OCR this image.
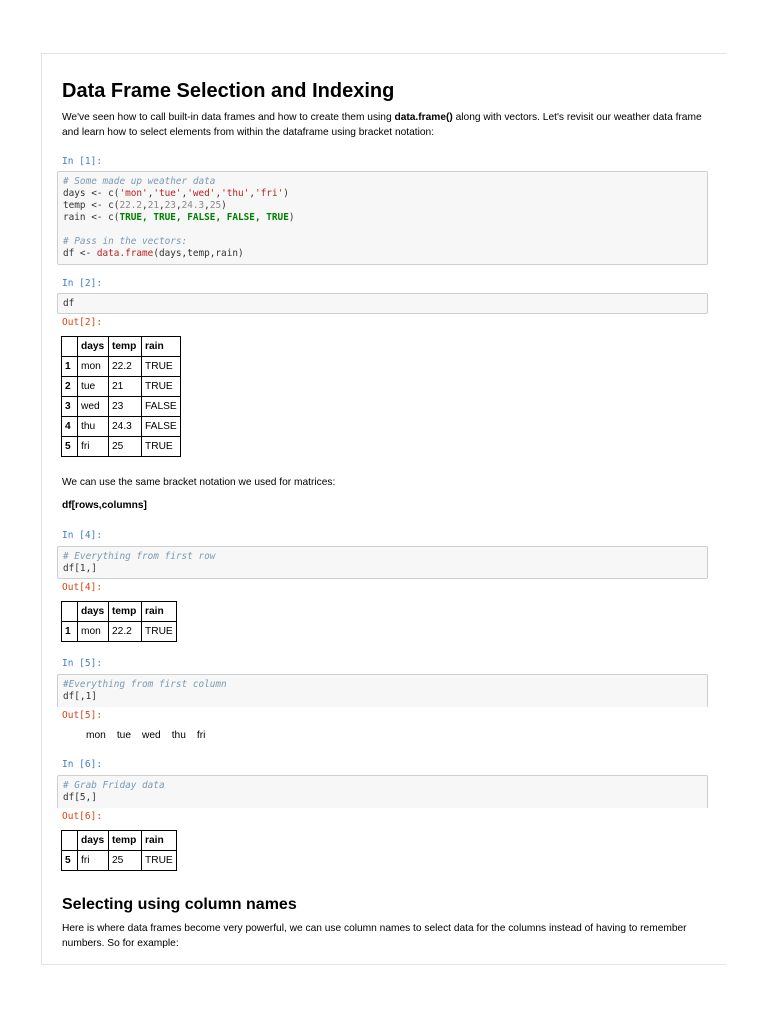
Data Frame Selection and Indexing
We've seen how to call built-in data frames and how to create them using data.frame() along with vectors. Let's revisit our weather data frame and learn how to select elements from within the dataframe using bracket notation:
In [1]:
# Some made up weather data
days <- c('mon','tue','wed','thu','fri')
temp <- c(22.2,21,23,24.3,25)
rain <- c(TRUE, TRUE, FALSE, FALSE, TRUE)

# Pass in the vectors:
df <- data.frame(days,temp,rain)
In [2]:
df
Out[2]:
	days	temp	rain
1	mon	22.2	TRUE
2	tue	21	TRUE
3	wed	23	FALSE
4	thu	24.3	FALSE
5	fri	25	TRUE
We can use the same bracket notation we used for matrices:
df[rows,columns]
In [4]:
# Everything from first row
df[1,]
Out[4]:
	days	temp	rain
1	mon	22.2	TRUE
In [5]:
#Everything from first column
df[,1]
Out[5]:
mon tue wed thu fri
In [6]:
# Grab Friday data
df[5,]
Out[6]:
	days	temp	rain
5	fri	25	TRUE
Selecting using column names
Here is where data frames become very powerful, we can use column names to select data for the columns instead of having to remember numbers. So for example:
